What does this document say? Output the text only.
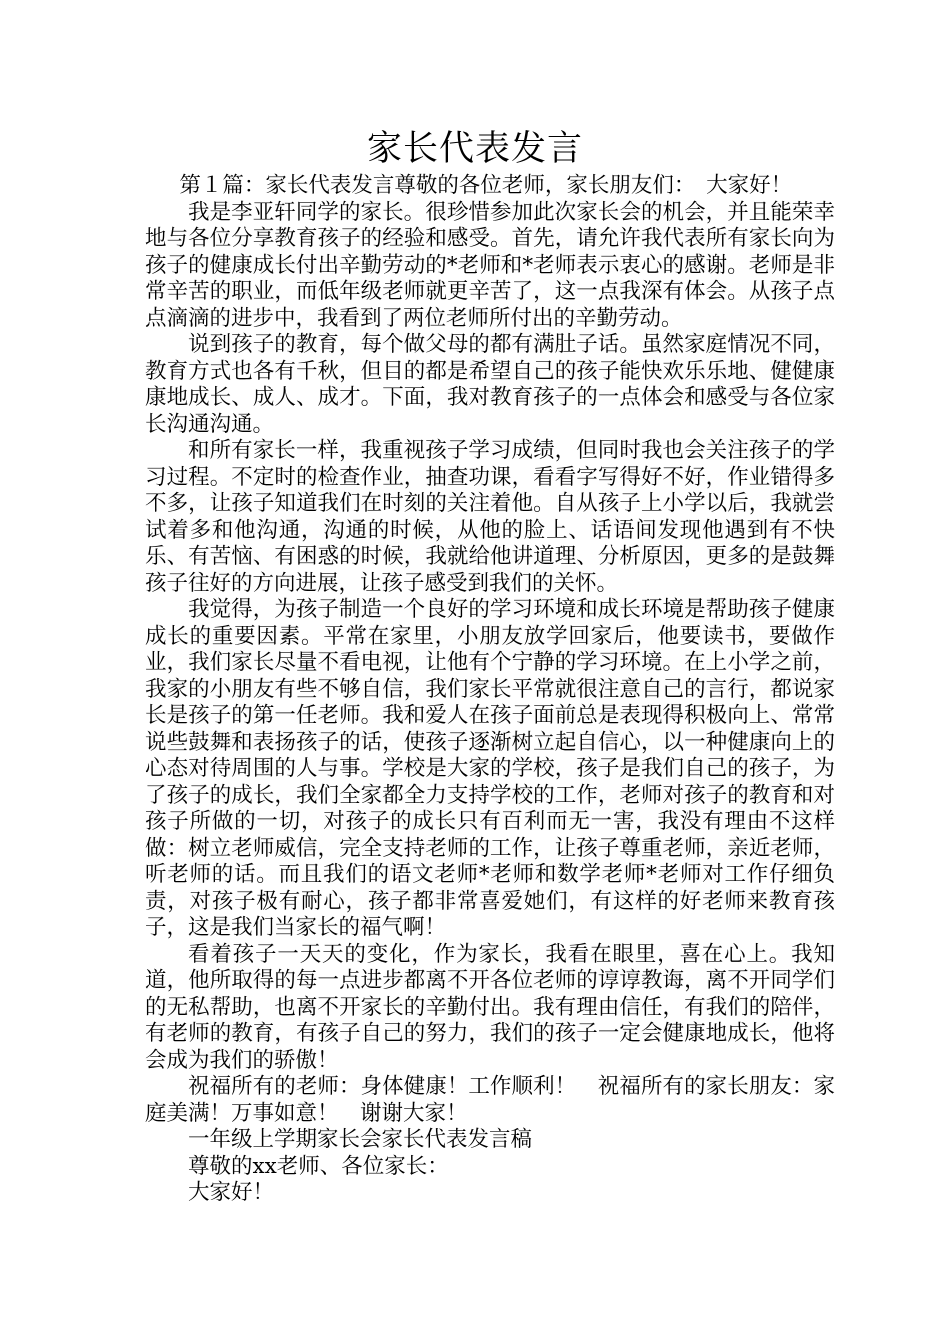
家长代表发言

第１篇：家长代表发言尊敬的各位老师，家长朋友们：　大家好！

我是李亚轩同学的家长。很珍惜参加此次家长会的机会，并且能荣幸地与各位分享教育孩子的经验和感受。首先，请允许我代表所有家长向为孩子的健康成长付出辛勤劳动的*老师和*老师表示衷心的感谢。老师是非常辛苦的职业，而低年级老师就更辛苦了，这一点我深有体会。从孩子点点滴滴的进步中，我看到了两位老师所付出的辛勤劳动。

说到孩子的教育，每个做父母的都有满肚子话。虽然家庭情况不同，教育方式也各有千秋，但目的都是希望自己的孩子能快欢乐乐地、健健康康地成长、成人、成才。下面，我对教育孩子的一点体会和感受与各位家长沟通沟通。

和所有家长一样，我重视孩子学习成绩，但同时我也会关注孩子的学习过程。不定时的检查作业，抽查功课，看看字写得好不好，作业错得多不多，让孩子知道我们在时刻的关注着他。自从孩子上小学以后，我就尝试着多和他沟通，沟通的时候，从他的脸上、话语间发现他遇到有不快乐、有苦恼、有困惑的时候，我就给他讲道理、分析原因，更多的是鼓舞孩子往好的方向进展，让孩子感受到我们的关怀。

我觉得，为孩子制造一个良好的学习环境和成长环境是帮助孩子健康成长的重要因素。平常在家里，小朋友放学回家后，他要读书，要做作业，我们家长尽量不看电视，让他有个宁静的学习环境。在上小学之前，我家的小朋友有些不够自信，我们家长平常就很注意自己的言行，都说家长是孩子的第一任老师。我和爱人在孩子面前总是表现得积极向上、常常说些鼓舞和表扬孩子的话，使孩子逐渐树立起自信心，以一种健康向上的心态对待周围的人与事。学校是大家的学校，孩子是我们自己的孩子，为了孩子的成长，我们全家都全力支持学校的工作，老师对孩子的教育和对孩子所做的一切，对孩子的成长只有百利而无一害，我没有理由不这样做：树立老师威信，完全支持老师的工作，让孩子尊重老师，亲近老师，听老师的话。而且我们的语文老师*老师和数学老师*老师对工作仔细负责，对孩子极有耐心，孩子都非常喜爱她们，有这样的好老师来教育孩子，这是我们当家长的福气啊！

看着孩子一天天的变化，作为家长，我看在眼里，喜在心上。我知道，他所取得的每一点进步都离不开各位老师的谆谆教诲，离不开同学们的无私帮助，也离不开家长的辛勤付出。我有理由信任，有我们的陪伴，有老师的教育，有孩子自己的努力，我们的孩子一定会健康地成长，他将会成为我们的骄傲！

祝福所有的老师：身体健康！工作顺利！　祝福所有的家长朋友：家庭美满！万事如意！　谢谢大家！

一年级上学期家长会家长代表发言稿

尊敬的xx老师、各位家长：

大家好！
